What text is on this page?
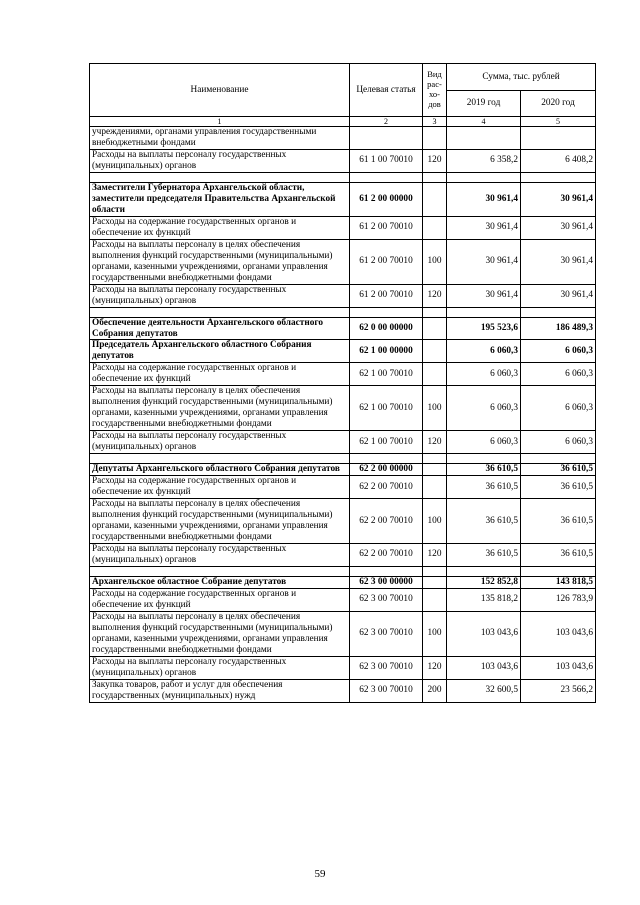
Наименование	Целевая статья	Вид рас-хо-дов	Сумма, тыс. рублей	
			2019 год	2020 год
1	2	3	4	5
учреждениями, органами управления государственными внебюджетными фондами				
Расходы на выплаты персоналу государственных (муниципальных) органов	61 1 00 70010	120	6 358,2	6 408,2

Заместители Губернатора Архангельской области, заместители председателя Правительства Архангельской области	61 2 00 00000		30 961,4	30 961,4
Расходы на содержание государственных органов и обеспечение их функций	61 2 00 70010		30 961,4	30 961,4
Расходы на выплаты персоналу в целях обеспечения выполнения функций государственными (муниципальными) органами, казенными учреждениями, органами управления государственными внебюджетными фондами	61 2 00 70010	100	30 961,4	30 961,4
Расходы на выплаты персоналу государственных (муниципальных) органов	61 2 00 70010	120	30 961,4	30 961,4

Обеспечение деятельности Архангельского областного Собрания депутатов	62 0 00 00000		195 523,6	186 489,3
Председатель Архангельского областного Собрания депутатов	62 1 00 00000		6 060,3	6 060,3
Расходы на содержание государственных органов и обеспечение их функций	62 1 00 70010		6 060,3	6 060,3
Расходы на выплаты персоналу в целях обеспечения выполнения функций государственными (муниципальными) органами, казенными учреждениями, органами управления государственными внебюджетными фондами	62 1 00 70010	100	6 060,3	6 060,3
Расходы на выплаты персоналу государственных (муниципальных) органов	62 1 00 70010	120	6 060,3	6 060,3

Депутаты Архангельского областного Собрания депутатов	62 2 00 00000		36 610,5	36 610,5
Расходы на содержание государственных органов и обеспечение их функций	62 2 00 70010		36 610,5	36 610,5
Расходы на выплаты персоналу в целях обеспечения выполнения функций государственными (муниципальными) органами, казенными учреждениями, органами управления государственными внебюджетными фондами	62 2 00 70010	100	36 610,5	36 610,5
Расходы на выплаты персоналу государственных (муниципальных) органов	62 2 00 70010	120	36 610,5	36 610,5

Архангельское областное Собрание депутатов	62 3 00 00000		152 852,8	143 818,5
Расходы на содержание государственных органов и обеспечение их функций	62 3 00 70010		135 818,2	126 783,9
Расходы на выплаты персоналу в целях обеспечения выполнения функций государственными (муниципальными) органами, казенными учреждениями, органами управления государственными внебюджетными фондами	62 3 00 70010	100	103 043,6	103 043,6
Расходы на выплаты персоналу государственных (муниципальных) органов	62 3 00 70010	120	103 043,6	103 043,6
Закупка товаров, работ и услуг для обеспечения государственных (муниципальных) нужд	62 3 00 70010	200	32 600,5	23 566,2
59
